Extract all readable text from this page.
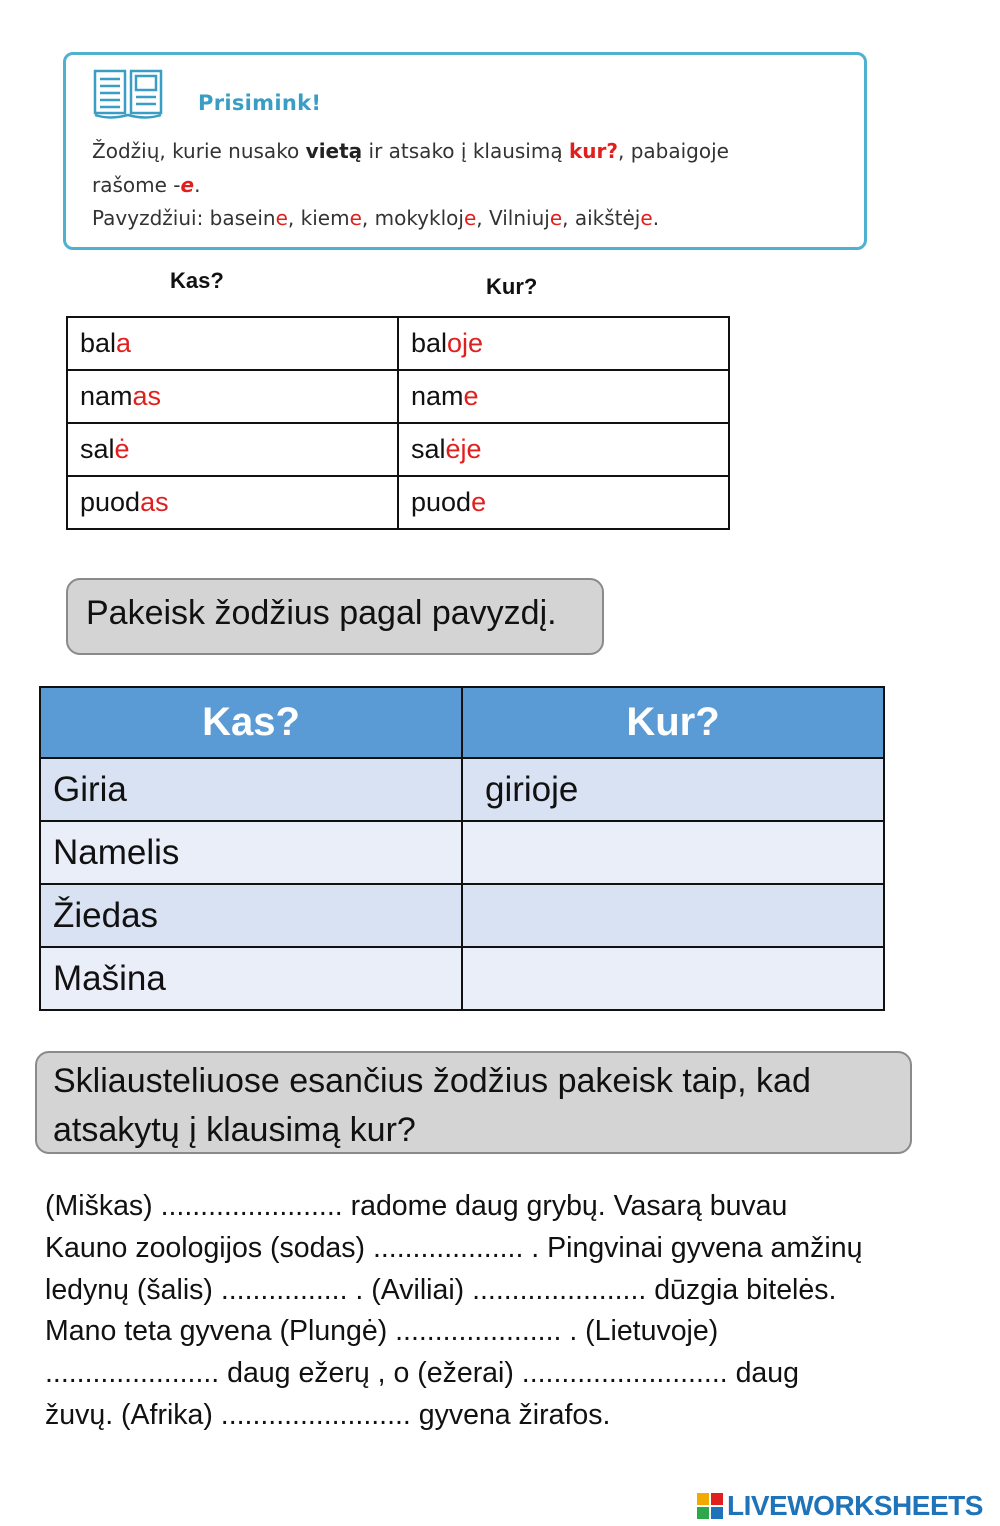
Prisimink!
Žodžių, kurie nusako vietą ir atsako į klausimą kur?, pabaigoje
rašome -e.
Pavyzdžiui: baseine, kieme, mokykloje, Vilniuje, aikštėje.
Kas?	Kur?
bala	baloje
namas	name
salė	salėje
puodas	puode
Pakeisk žodžius pagal pavyzdį.
Kas?	Kur?
Giria	girioje
Namelis	
Žiedas	
Mašina	
Skliausteliuose esančius žodžius pakeisk taip, kad
atsakytų į klausimą kur?
(Miškas) ....................... radome daug grybų. Vasarą buvau
Kauno zoologijos (sodas) ................... . Pingvinai gyvena amžinų
ledynų (šalis) ................ . (Aviliai) ...................... dūzgia bitelės.
Mano teta gyvena (Plungė) ..................... . (Lietuvoje)
...................... daug ežerų , o (ežerai) .......................... daug
žuvų. (Afrika) ........................ gyvena žirafos.
LIVEWORKSHEETS
